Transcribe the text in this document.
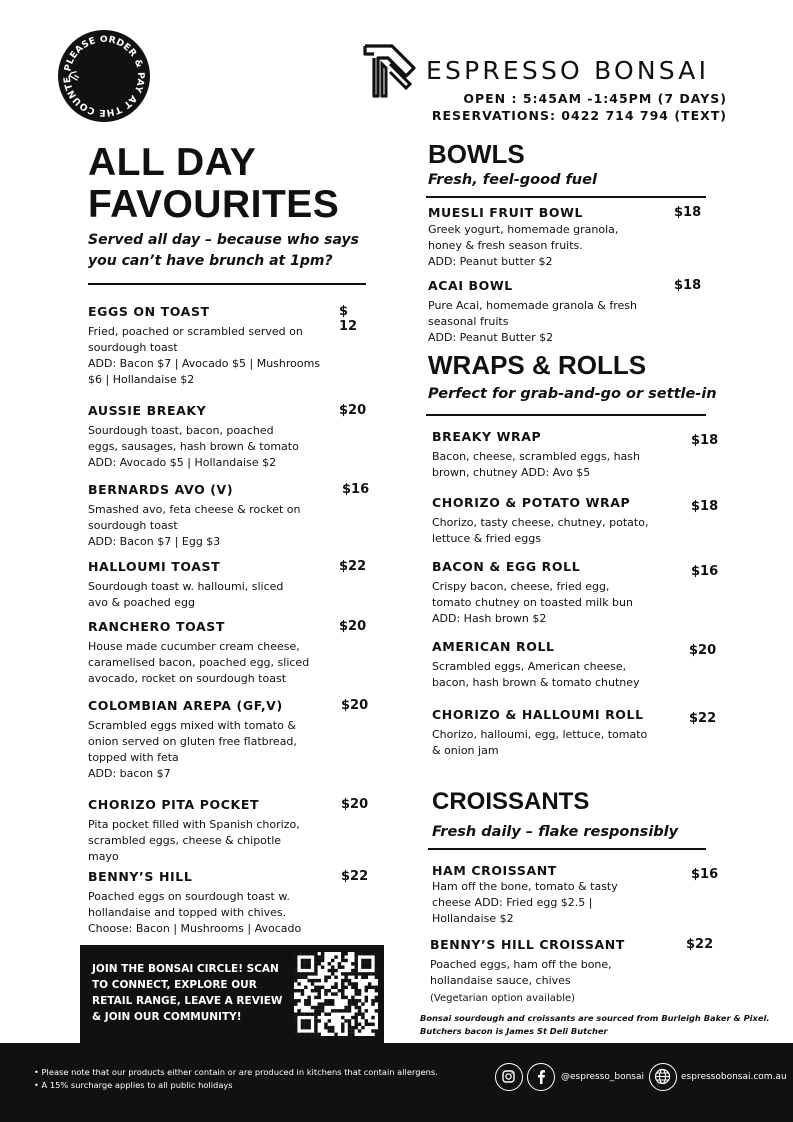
PLEASE ORDER & PAY AT THE COUNTE	ESPRESSO BONSAI
OPEN : 5:45AM -1:45PM (7 DAYS)
RESERVATIONS: 0422 714 794 (TEXT)
ALL DAY
FAVOURITES
Served all day – because who says
you can’t have brunch at 1pm?
EGGS ON TOAST	$ 12
Fried, poached or scrambled served on
sourdough toast
ADD: Bacon $7 | Avocado $5 | Mushrooms
$6 | Hollandaise $2
AUSSIE BREAKY	$20
Sourdough toast, bacon, poached
eggs, sausages, hash brown & tomato
ADD: Avocado $5 | Hollandaise $2
BERNARDS AVO (V)	$16
Smashed avo, feta cheese & rocket on
sourdough toast
ADD: Bacon $7 | Egg $3
HALLOUMI TOAST	$22
Sourdough toast w. halloumi, sliced
avo & poached egg
RANCHERO TOAST	$20
House made cucumber cream cheese,
caramelised bacon, poached egg, sliced
avocado, rocket on sourdough toast
COLOMBIAN AREPA (GF,V)	$20
Scrambled eggs mixed with tomato &
onion served on gluten free flatbread,
topped with feta
ADD: bacon $7
CHORIZO PITA POCKET	$20
Pita pocket filled with Spanish chorizo,
scrambled eggs, cheese & chipotle
mayo
BENNY’S HILL	$22
Poached eggs on sourdough toast w.
hollandaise and topped with chives.
Choose: Bacon | Mushrooms | Avocado
JOIN THE BONSAI CIRCLE! SCAN
TO CONNECT, EXPLORE OUR
RETAIL RANGE, LEAVE A REVIEW
& JOIN OUR COMMUNITY!
BOWLS
Fresh, feel-good fuel
MUESLI FRUIT BOWL	$18
Greek yogurt, homemade granola,
honey & fresh season fruits.
ADD: Peanut butter $2
ACAI BOWL	$18
Pure Acai, homemade granola & fresh
seasonal fruits
ADD: Peanut Butter $2
WRAPS & ROLLS
Perfect for grab-and-go or settle-in
BREAKY WRAP	$18
Bacon, cheese, scrambled eggs, hash
brown, chutney ADD: Avo $5
CHORIZO & POTATO WRAP	$18
Chorizo, tasty cheese, chutney, potato,
lettuce & fried eggs
BACON & EGG ROLL	$16
Crispy bacon, cheese, fried egg,
tomato chutney on toasted milk bun
ADD: Hash brown $2
AMERICAN ROLL	$20
Scrambled eggs, American cheese,
bacon, hash brown & tomato chutney
CHORIZO & HALLOUMI ROLL	$22
Chorizo, halloumi, egg, lettuce, tomato
& onion jam
CROISSANTS
Fresh daily – flake responsibly
HAM CROISSANT	$16
Ham off the bone, tomato & tasty
cheese ADD: Fried egg $2.5 |
Hollandaise $2
BENNY’S HILL CROISSANT	$22
Poached eggs, ham off the bone,
hollandaise sauce, chives
(Vegetarian option available)
Bonsai sourdough and croissants are sourced from Burleigh Baker & Pixel.
Butchers bacon is James St Deli Butcher
• Please note that our products either contain or are produced in kitchens that contain allergens.
• A 15% surcharge applies to all public holidays
@espresso_bonsai	espressobonsai.com.au
